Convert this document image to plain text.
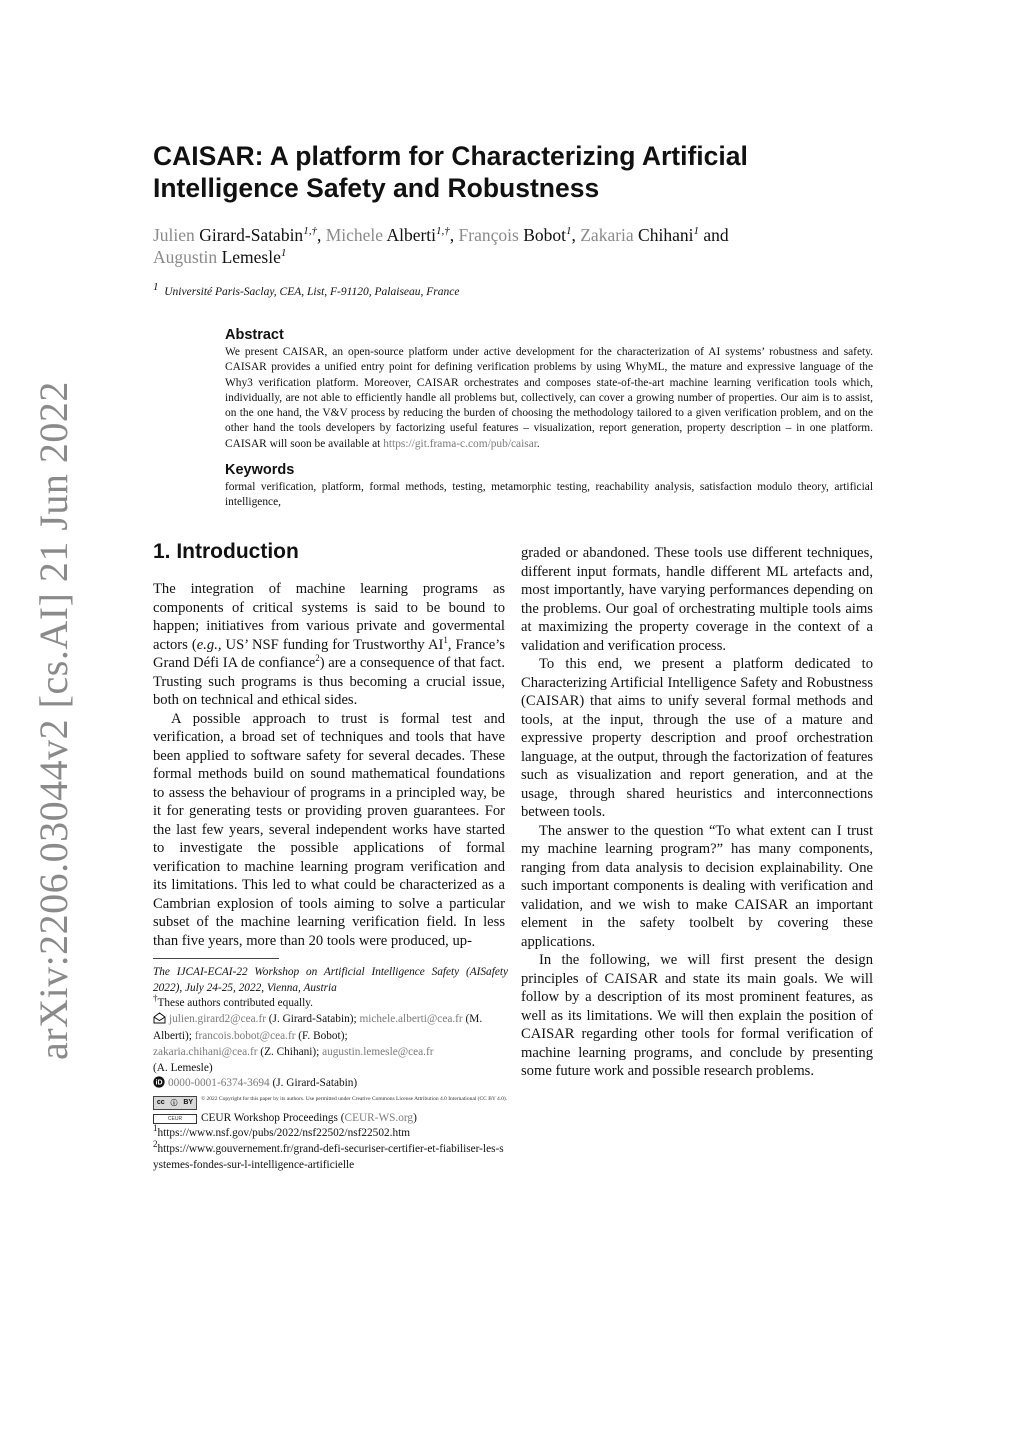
arXiv:2206.03044v2 [cs.AI] 21 Jun 2022
CAISAR: A platform for Characterizing Artificial
Intelligence Safety and Robustness
Julien Girard-Satabin$^{1,\dagger}$, Michele Alberti$^{1,\dagger}$, François Bobot$^1$, Zakaria Chihani$^1$ and
Augustin Lemesle$^1$
1 Université Paris-Saclay, CEA, List, F-91120, Palaiseau, France
Abstract

We present CAISAR, an open-source platform under active development for the characterization of AI systems’ robustness and safety. CAISAR provides a unified entry point for defining verification problems by using WhyML, the mature and expressive language of the Why3 verification platform. Moreover, CAISAR orchestrates and composes state-of-the-art machine learning verification tools which, individually, are not able to efficiently handle all problems but, collectively, can cover a growing number of properties. Our aim is to assist, on the one hand, the V&V process by reducing the burden of choosing the methodology tailored to a given verification problem, and on the other hand the tools developers by factorizing useful features – visualization, report generation, property description – in one platform. CAISAR will soon be available at https://git.frama-c.com/pub/caisar.

Keywords

formal verification, platform, formal methods, testing, metamorphic testing, reachability analysis, satisfaction modulo theory, artificial intelligence,

1. Introduction

The integration of machine learning programs as components of critical systems is said to be bound to happen; initiatives from various private and govermental actors (e.g., US’ NSF funding for Trustworthy $AI^1$, France’s Grand Défi IA de confiance$^2$) are a consequence of that fact. Trusting such programs is thus becoming a crucial issue, both on technical and ethical sides.

A possible approach to trust is formal test and verification, a broad set of techniques and tools that have been applied to software safety for several decades. These formal methods build on sound mathematical foundations to assess the behaviour of programs in a principled way, be it for generating tests or providing proven guarantees. For the last few years, several independent works have started to investigate the possible applications of formal verification to machine learning program verification and its limitations. This led to what could be characterized as a Cambrian explosion of tools aiming to solve a particular subset of the machine learning verification field. In less than five years, more than 20 tools were produced, up-

The IJCAI-ECAI-22 Workshop on Artificial Intelligence Safety (AISafety 2022), July 24-25, 2022, Vienna, Austria

†These authors contributed equally.

julien.girard2@cea.fr (J. Girard-Satabin); michele.alberti@cea.fr (M. Alberti); francois.bobot@cea.fr (F. Bobot);
zakaria.chihani@cea.fr (Z. Chihani); augustin.lemesle@cea.fr
(A. Lemesle)

iD 0000-0001-6374-3694 (J. Girard-Satabin)

cc ⓘ BY
© 2022 Copyright for this paper by its authors. Use permitted under Creative Commons License Attribution 4.0 International (CC BY 4.0).
CEUR	CEUR Workshop Proceedings (CEUR-WS.org)

$^1$https://www.nsf.gov/pubs/2022/nsf22502/nsf22502.htm

$^2$https://www.gouvernement.fr/grand-defi-securiser-certifier-et-fiabiliser-les-systemes-fondes-sur-l-intelligence-artificielle

graded or abandoned. These tools use different techniques, different input formats, handle different ML artefacts and, most importantly, have varying performances depending on the problems. Our goal of orchestrating multiple tools aims at maximizing the property coverage in the context of a validation and verification process.

To this end, we present a platform dedicated to Characterizing Artificial Intelligence Safety and Robustness (CAISAR) that aims to unify several formal methods and tools, at the input, through the use of a mature and expressive property description and proof orchestration language, at the output, through the factorization of features such as visualization and report generation, and at the usage, through shared heuristics and interconnections between tools.

The answer to the question “To what extent can I trust my machine learning program?” has many components, ranging from data analysis to decision explainability. One such important components is dealing with verification and validation, and we wish to make CAISAR an important element in the safety toolbelt by covering these applications.

In the following, we will first present the design principles of CAISAR and state its main goals. We will follow by a description of its most prominent features, as well as its limitations. We will then explain the position of CAISAR regarding other tools for formal verification of machine learning programs, and conclude by presenting some future work and possible research problems.
